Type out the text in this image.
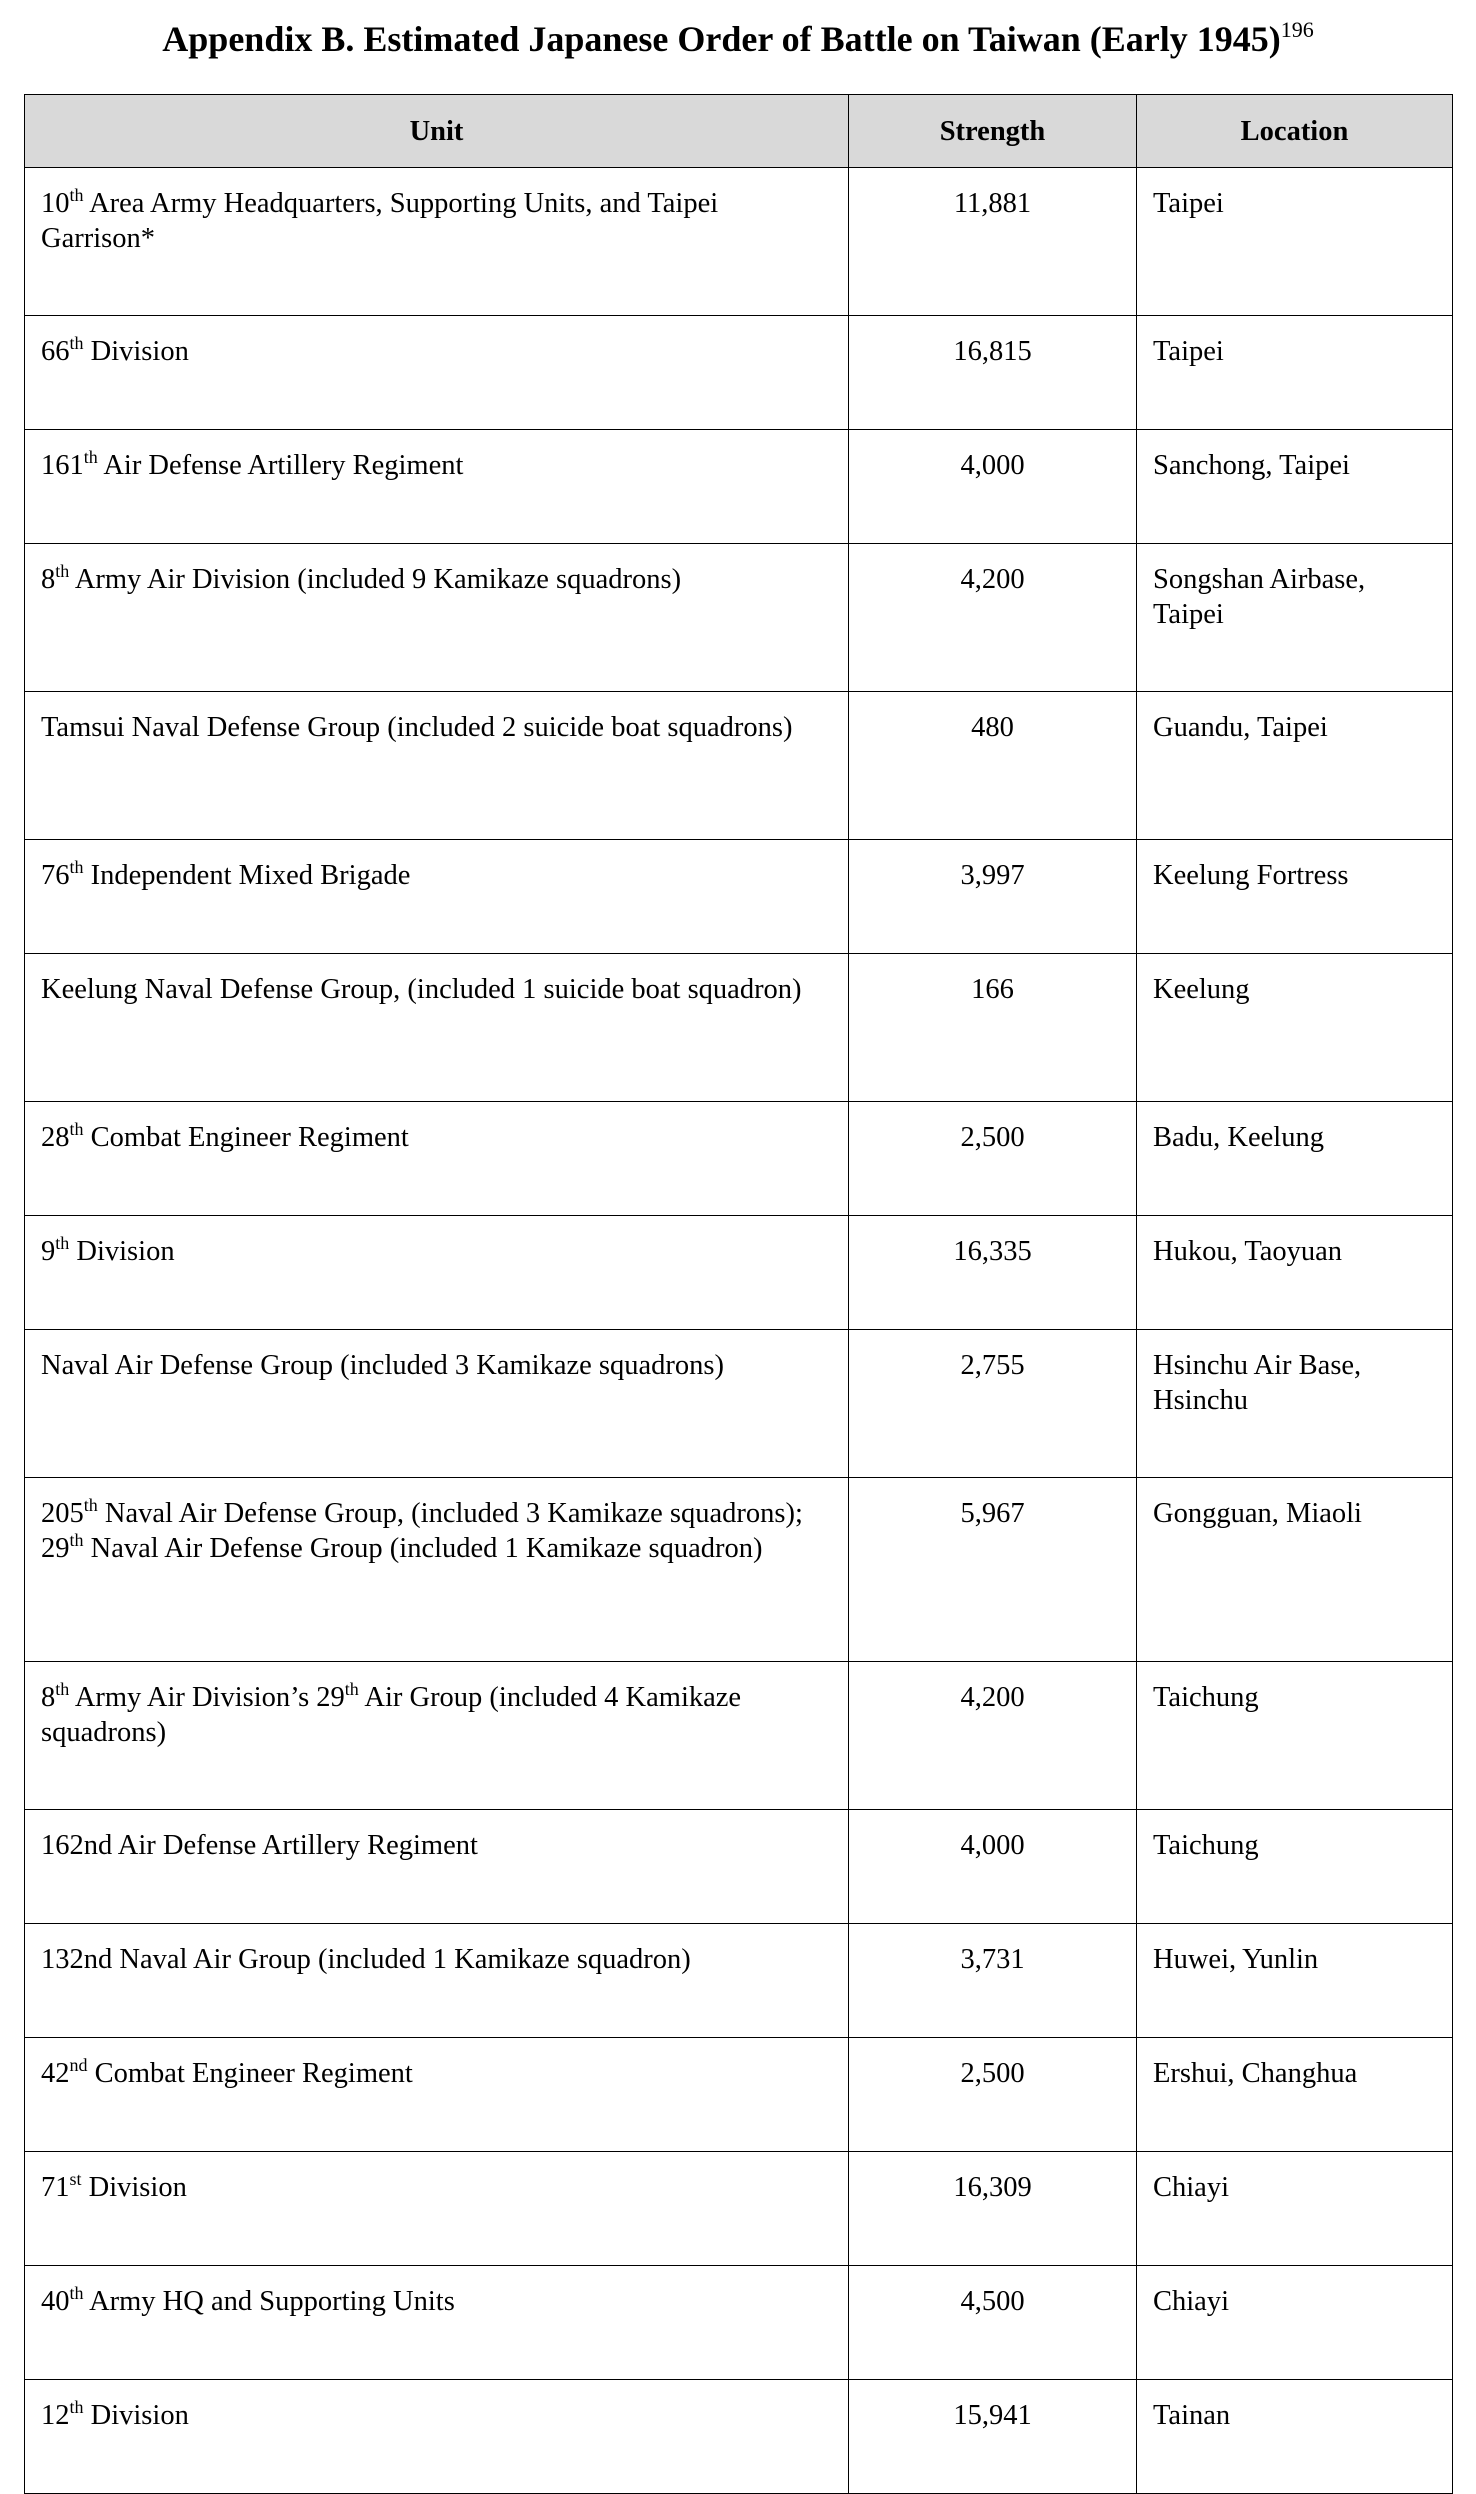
Appendix B. Estimated Japanese Order of Battle on Taiwan (Early 1945)$^{196}$
Unit	Strength	Location
10th Area Army Headquarters, Supporting Units, and Taipei Garrison*	11,881	Taipei
66th Division	16,815	Taipei
161th Air Defense Artillery Regiment	4,000	Sanchong, Taipei
8th Army Air Division (included 9 Kamikaze squadrons)	4,200	Songshan Airbase, Taipei
Tamsui Naval Defense Group (included 2 suicide boat squadrons)	480	Guandu, Taipei
76th Independent Mixed Brigade	3,997	Keelung Fortress
Keelung Naval Defense Group, (included 1 suicide boat squadron)	166	Keelung
28th Combat Engineer Regiment	2,500	Badu, Keelung
9th Division	16,335	Hukou, Taoyuan
Naval Air Defense Group (included 3 Kamikaze squadrons)	2,755	Hsinchu Air Base, Hsinchu
205th Naval Air Defense Group, (included 3 Kamikaze squadrons); 29th Naval Air Defense Group (included 1 Kamikaze squadron)	5,967	Gongguan, Miaoli
8th Army Air Division’s 29th Air Group (included 4 Kamikaze squadrons)	4,200	Taichung
162nd Air Defense Artillery Regiment	4,000	Taichung
132nd Naval Air Group (included 1 Kamikaze squadron)	3,731	Huwei, Yunlin
42nd Combat Engineer Regiment	2,500	Ershui, Changhua
71st Division	16,309	Chiayi
40th Army HQ and Supporting Units	4,500	Chiayi
12th Division	15,941	Tainan
